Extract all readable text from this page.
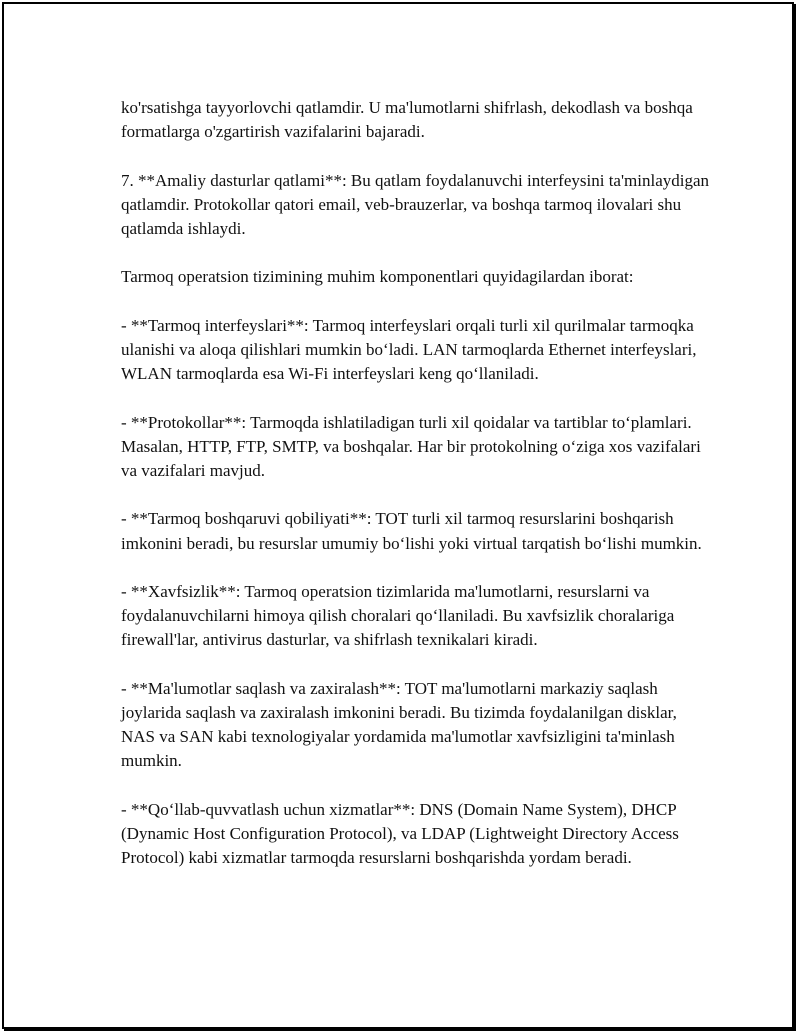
ko'rsatishga tayyorlovchi qatlamdir. U ma'lumotlarni shifrlash, dekodlash va boshqa formatlarga o'zgartirish vazifalarini bajaradi.

7. **Amaliy dasturlar qatlami**: Bu qatlam foydalanuvchi interfeysini ta'minlaydigan qatlamdir. Protokollar qatori email, veb-brauzerlar, va boshqa tarmoq ilovalari shu qatlamda ishlaydi.

Tarmoq operatsion tizimining muhim komponentlari quyidagilardan iborat:

- **Tarmoq interfeyslari**: Tarmoq interfeyslari orqali turli xil qurilmalar tarmoqka ulanishi va aloqa qilishlari mumkin bo‘ladi. LAN tarmoqlarda Ethernet interfeyslari, WLAN tarmoqlarda esa Wi-Fi interfeyslari keng qo‘llaniladi.

- **Protokollar**: Tarmoqda ishlatiladigan turli xil qoidalar va tartiblar to‘plamlari. Masalan, HTTP, FTP, SMTP, va boshqalar. Har bir protokolning o‘ziga xos vazifalari va vazifalari mavjud.

- **Tarmoq boshqaruvi qobiliyati**: TOT turli xil tarmoq resurslarini boshqarish imkonini beradi, bu resurslar umumiy bo‘lishi yoki virtual tarqatish bo‘lishi mumkin.

- **Xavfsizlik**: Tarmoq operatsion tizimlarida ma'lumotlarni, resurslarni va foydalanuvchilarni himoya qilish choralari qo‘llaniladi. Bu xavfsizlik choralariga firewall'lar, antivirus dasturlar, va shifrlash texnikalari kiradi.

- **Ma'lumotlar saqlash va zaxiralash**: TOT ma'lumotlarni markaziy saqlash joylarida saqlash va zaxiralash imkonini beradi. Bu tizimda foydalanilgan disklar, NAS va SAN kabi texnologiyalar yordamida ma'lumotlar xavfsizligini ta'minlash mumkin.

- **Qo‘llab-quvvatlash uchun xizmatlar**: DNS (Domain Name System), DHCP (Dynamic Host Configuration Protocol), va LDAP (Lightweight Directory Access Protocol) kabi xizmatlar tarmoqda resurslarni boshqarishda yordam beradi.
